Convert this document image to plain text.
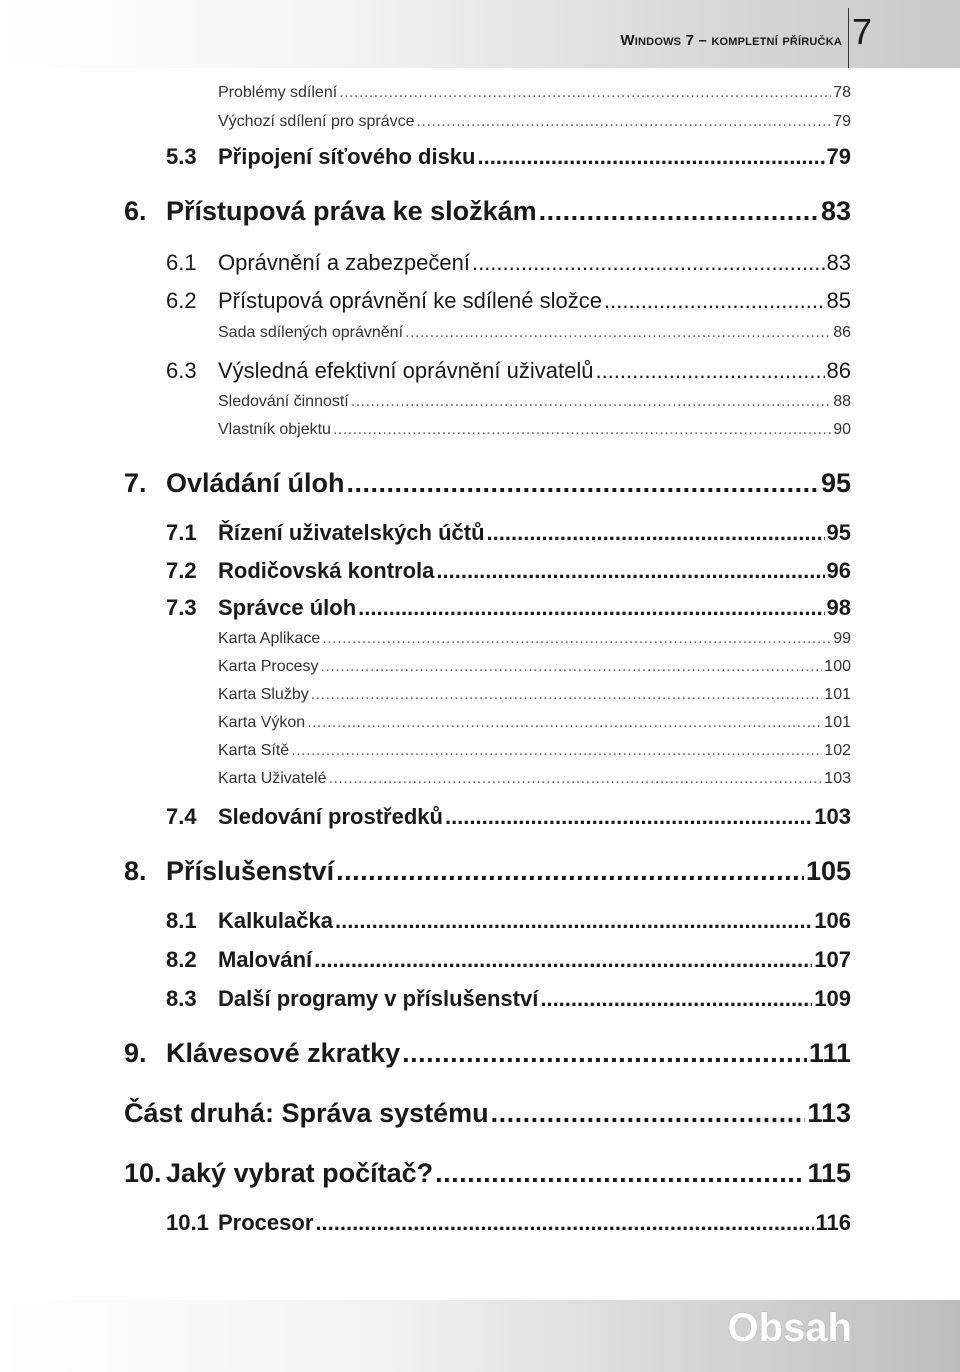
Windows 7 – kompletní příručka 7
Problémy sdílení .....	78
Výchozí sdílení pro správce .....	79
5.3 Připojení síťového disku .....	79
6. Přístupová práva ke složkám .....	83
6.1 Oprávnění a zabezpečení .....	83
6.2 Přístupová oprávnění ke sdílené složce .....	85
Sada sdílených oprávnění .....	86
6.3 Výsledná efektivní oprávnění uživatelů .....	86
Sledování činností .....	88
Vlastník objektu .....	90
7. Ovládání úloh .....	95
7.1 Řízení uživatelských účtů .....	95
7.2 Rodičovská kontrola .....	96
7.3 Správce úloh .....	98
Karta Aplikace .....	99
Karta Procesy .....	100
Karta Služby .....	101
Karta Výkon .....	101
Karta Sítě .....	102
Karta Uživatelé .....	103
7.4 Sledování prostředků .....	103
8. Příslušenství .....	105
8.1 Kalkulačka .....	106
8.2 Malování .....	107
8.3 Další programy v příslušenství .....	109
9. Klávesové zkratky .....	111
Část druhá: Správa systému .....	113
10. Jaký vybrat počítač? .....	115
10.1 Procesor .....	116
Obsah
